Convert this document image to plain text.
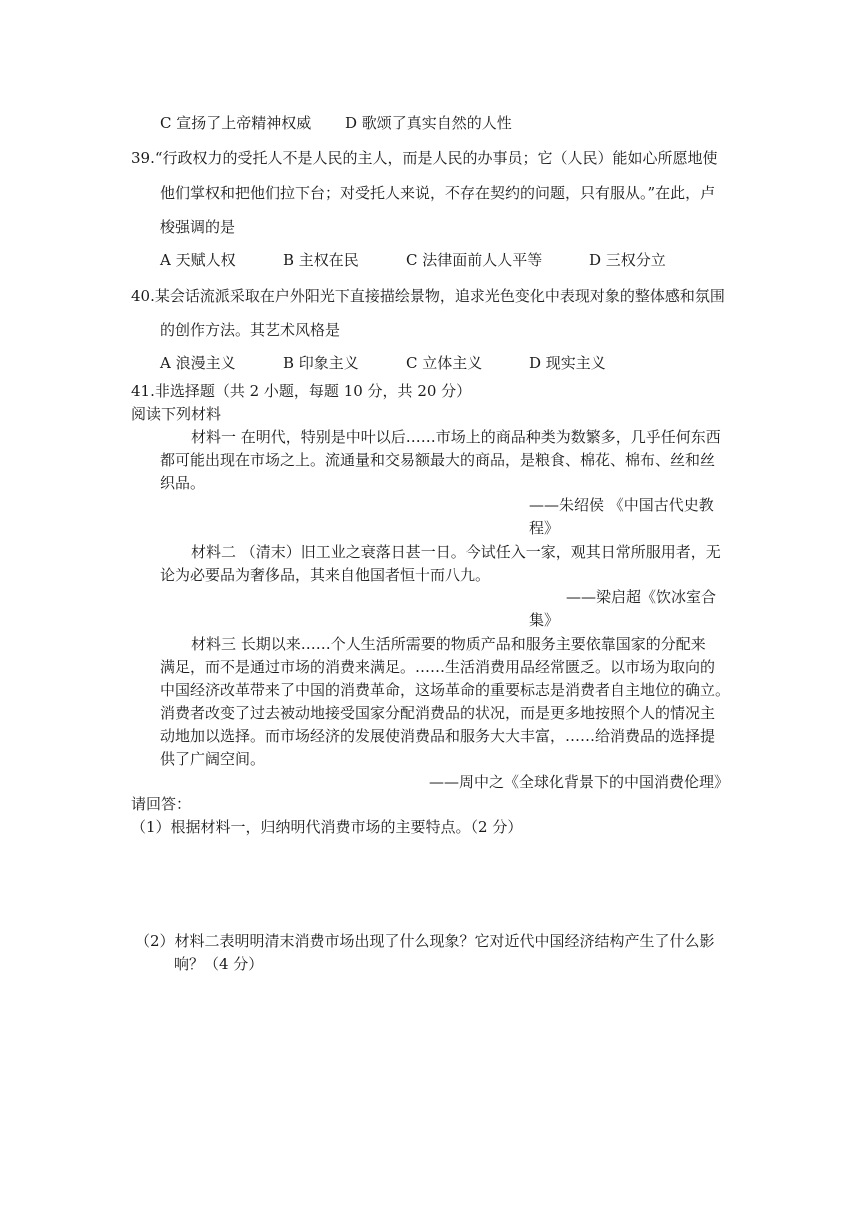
C 宣扬了上帝精神权威 D 歌颂了真实自然的人性
39.“行政权力的受托人不是人民的主人，而是人民的办事员；它（人民）能如心所愿地使
他们掌权和把他们拉下台；对受托人来说，不存在契约的问题，只有服从。”在此，卢
梭强调的是
A 天赋人权	B 主权在民	C 法律面前人人平等	D 三权分立
40.某会话流派采取在户外阳光下直接描绘景物，追求光色变化中表现对象的整体感和氛围
的创作方法。其艺术风格是
A 浪漫主义	B 印象主义	C 立体主义	D 现实主义
41.非选择题（共 2 小题，每题 10 分，共 20 分）
阅读下列材料
材料一 在明代，特别是中叶以后……市场上的商品种类为数繁多，几乎任何东西
都可能出现在市场之上。流通量和交易额最大的商品，是粮食、棉花、棉布、丝和丝
织品。
——朱绍侯 《中国古代史教
程》
材料二 （清末）旧工业之衰落日甚一日。今试任入一家，观其日常所服用者，无
论为必要品为奢侈品，其来自他国者恒十而八九。
——梁启超《饮冰室合
集》
材料三 长期以来……个人生活所需要的物质产品和服务主要依靠国家的分配来
满足，而不是通过市场的消费来满足。……生活消费用品经常匮乏。以市场为取向的
中国经济改革带来了中国的消费革命，这场革命的重要标志是消费者自主地位的确立。
消费者改变了过去被动地接受国家分配消费品的状况，而是更多地按照个人的情况主
动地加以选择。而市场经济的发展使消费品和服务大大丰富，……给消费品的选择提
供了广阔空间。
——周中之《全球化背景下的中国消费伦理》
请回答：
（1）根据材料一，归纳明代消费市场的主要特点。（2 分）
（2）材料二表明明清末消费市场出现了什么现象？它对近代中国经济结构产生了什么影
响？（4 分）
